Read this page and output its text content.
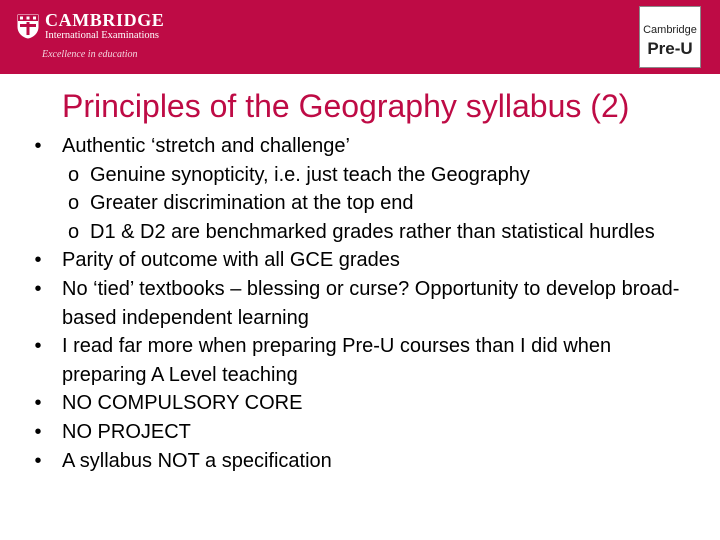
CAMBRIDGE
International Examinations
Excellence in education
Cambridge
Pre-U
Principles of the Geography syllabus (2)

•	Authentic ‘stretch and challenge’

o Genuine synopticity, i.e. just teach the Geography

o Greater discrimination at the top end

o D1 & D2 are benchmarked grades rather than statistical hurdles

•	Parity of outcome with all GCE grades

•	No ‘tied’ textbooks – blessing or curse? Opportunity to develop broad-based independent learning

•	I read far more when preparing Pre-U courses than I did when preparing A Level teaching

•	NO COMPULSORY CORE

•	NO PROJECT

•	A syllabus NOT a specification
